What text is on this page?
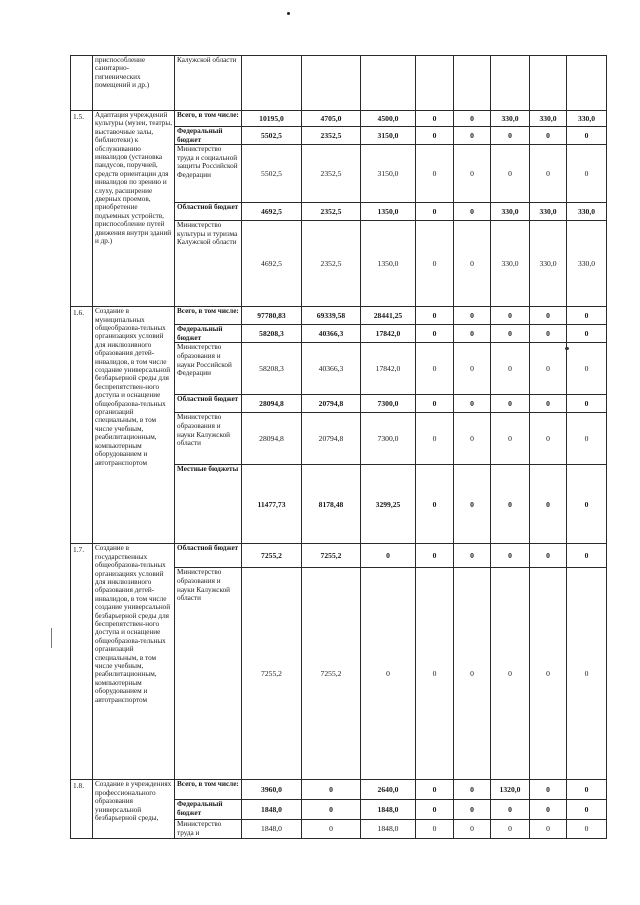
	приспособление санитарно-гигиенических помещений и др.)	Калужской области								
1.5.	Адаптация учреждений культуры (музеи, театры, выставочные залы, библиотеки) к обслуживанию инвалидов (установка пандусов, поручней, средств ориентации для инвалидов по зрению и слуху, расширение дверных проемов, приобретение подъемных устройств, приспособление путей движения внутри зданий и др.)	Всего, в том числе:	10195,0	4705,0	4500,0	0	0	330,0	330,0	330,0
		Федеральный бюджет	5502,5	2352,5	3150,0	0	0	0	0	0
		Министерство труда и социальной защиты Российской Федерации	5502,5	2352,5	3150,0	0	0	0	0	0
		Областной бюджет	4692,5	2352,5	1350,0	0	0	330,0	330,0	330,0
		Министерство культуры и туризма Калужской области	4692,5	2352,5	1350,0	0	0	330,0	330,0	330,0
1.6.	Создание в муниципальных общеобразова-тельных организациях условий для инклюзивного образования детей-инвалидов, в том числе создание универсальной безбарьерной среды для беспрепятствен-ного доступа и оснащение общеобразова-тельных организаций специальным, в том числе учебным, реабилитационным, компьютерным оборудованием и автотранспортом	Всего, в том числе:	97780,83	69339,58	28441,25	0	0	0	0	0
		Федеральный бюджет	58208,3	40366,3	17842,0	0	0	0	0	0
		Министерство образования и науки Российской Федерации	58208,3	40366,3	17842,0	0	0	0	0	0
		Областной бюджет	28094,8	20794,8	7300,0	0	0	0	0	0
		Министерство образования и науки Калужской области	28094,8	20794,8	7300,0	0	0	0	0	0
		Местные бюджеты	11477,73	8178,48	3299,25	0	0	0	0	0
1.7.	Создание в государственных общеобразова-тельных организациях условий для инклюзивного образования детей-инвалидов, в том числе создание универсальной безбарьерной среды для беспрепятствен-ного доступа и оснащение общеобразова-тельных организаций специальным, в том числе учебным, реабилитационным, компьютерным оборудованием и автотранспортом	Областной бюджет	7255,2	7255,2	0	0	0	0	0	0
		Министерство образования и науки Калужской области	7255,2	7255,2	0	0	0	0	0	0
1.8.	Создание в учреждениях профессионального образования универсальной безбарьерной среды,	Всего, в том числе:	3960,0	0	2640,0	0	0	1320,0	0	0
		Федеральный бюджет	1848,0	0	1848,0	0	0	0	0	0
		Министерство труда и	1848,0	0	1848,0	0	0	0	0	0
